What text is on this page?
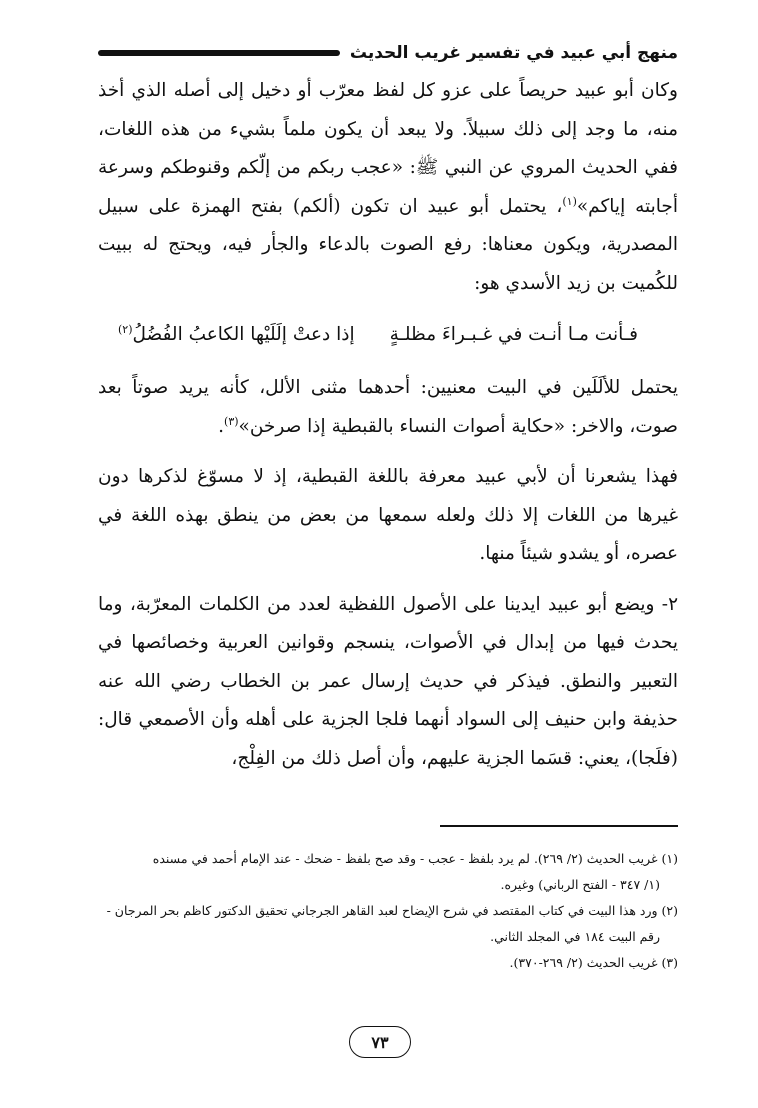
منهج أبي عبيد في تفسير غريب الحديث

وكان أبو عبيد حريصاً على عزو كل لفظ معرّب أو دخيل إلى أصله الذي أخذ منه، ما وجد إلى ذلك سبيلاً. ولا يبعد أن يكون ملماً بشيء من هذه اللغات، ففي الحديث المروي عن النبي ﷺ: «عجب ربكم من إلّكم وقنوطكم وسرعة أجابته إياكم»$^{(١)}$، يحتمل أبو عبيد ان تكون (ألكم) بفتح الهمزة على سبيل المصدرية، ويكون معناها: رفع الصوت بالدعاء والجأر فيه، ويحتج له ببيت للكُميت بن زيد الأسدي هو:

فـأنت مـا أنـت في غـبـراءَ مظلـةٍ
إذا دعتْ إلَلَيْها الكاعبُ الفُضُلُ$^{(٢)}$

يحتمل للألَلَين في البيت معنيين: أحدهما مثنى الألل، كأنه يريد صوتاً بعد صوت، والاخر: «حكاية أصوات النساء بالقبطية إذا صرخن»$^{(٣)}$.

فهذا يشعرنا أن لأبي عبيد معرفة باللغة القبطية، إذ لا مسوّغ لذكرها دون غيرها من اللغات إلا ذلك ولعله سمعها من بعض من ينطق بهذه اللغة في عصره، أو يشدو شيئاً منها.

٢- ويضع أبو عبيد ايدينا على الأصول اللفظية لعدد من الكلمات المعرّبة، وما يحدث فيها من إبدال في الأصوات، ينسجم وقوانين العربية وخصائصها في التعبير والنطق. فيذكر في حديث إرسال عمر بن الخطاب رضي الله عنه حذيفة وابن حنيف إلى السواد أنهما فلجا الجزية على أهله وأن الأصمعي قال: (فلَجا)، يعني: قسَما الجزية عليهم، وأن أصل ذلك من الفِلْج،

(١) غريب الحديث (٢/ ٢٦٩). لم يرد بلفظ - عجب - وقد صح بلفظ - ضحك - عند الإمام أحمد في مسنده

(١/ ٣٤٧ - الفتح الرباني) وغيره.

(٢) ورد هذا البيت في كتاب المقتصد في شرح الإيضاح لعبد القاهر الجرجاني تحقيق الدكتور كاظم بحر المرجان -

رقم البيت ١٨٤ في المجلد الثاني.

(٣) غريب الحديث (٢/ ٢٦٩-٣٧٠).

٧٣
